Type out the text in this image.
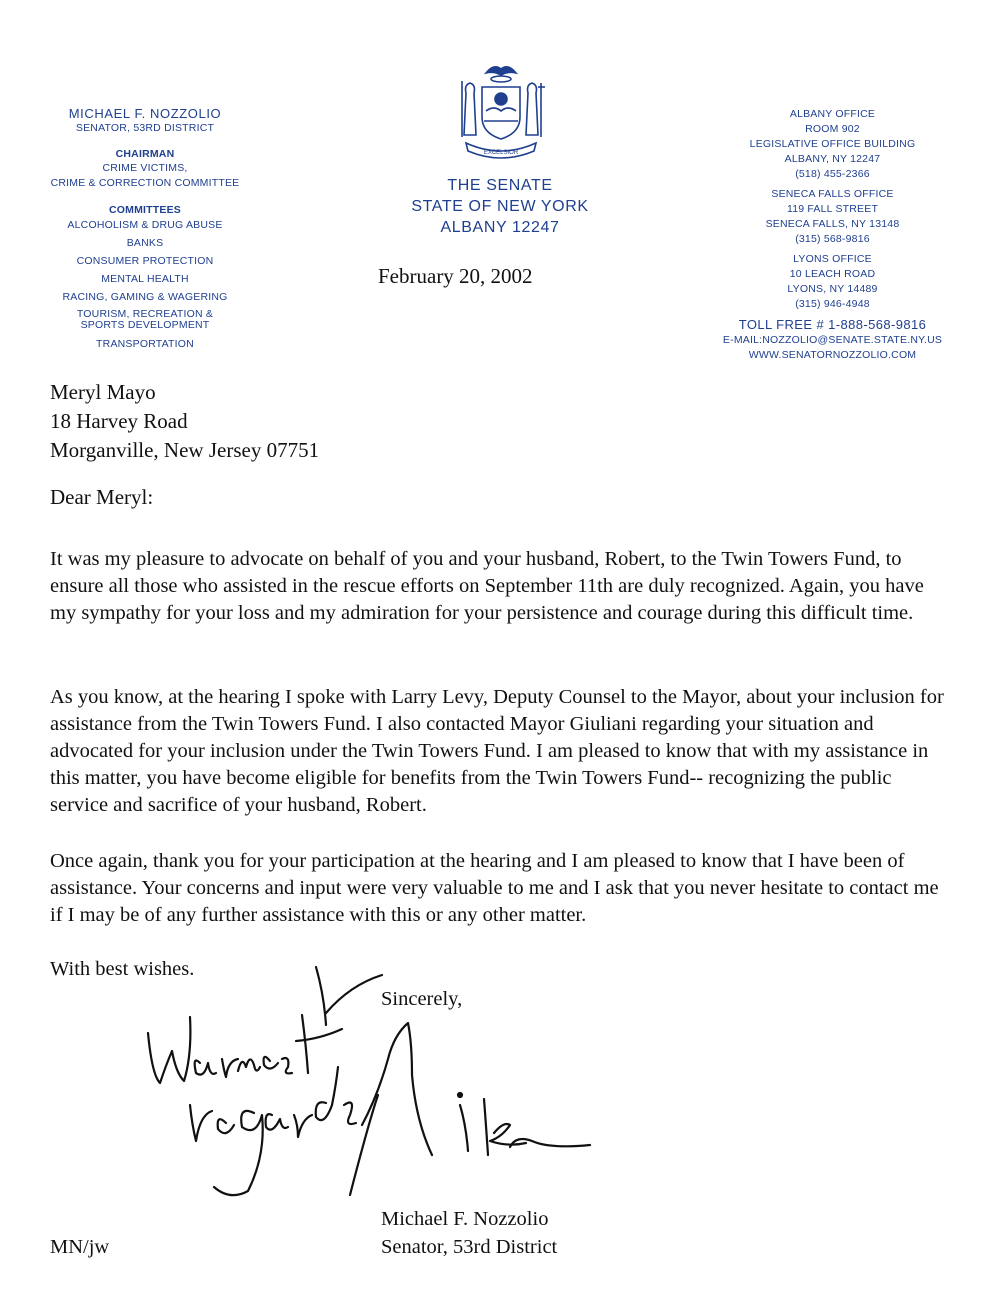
MICHAEL F. NOZZOLIO
SENATOR, 53RD DISTRICT
CHAIRMAN
CRIME VICTIMS,
CRIME & CORRECTION COMMITTEE
COMMITTEES
ALCOHOLISM & DRUG ABUSE
BANKS
CONSUMER PROTECTION
MENTAL HEALTH
RACING, GAMING & WAGERING
TOURISM, RECREATION &
SPORTS DEVELOPMENT
TRANSPORTATION
EXCELSIOR
THE SENATE
STATE OF NEW YORK
ALBANY 12247
February 20, 2002
ALBANY OFFICE
ROOM 902
LEGISLATIVE OFFICE BUILDING
ALBANY, NY 12247
(518) 455-2366
SENECA FALLS OFFICE
119 FALL STREET
SENECA FALLS, NY 13148
(315) 568-9816
LYONS OFFICE
10 LEACH ROAD
LYONS, NY 14489
(315) 946-4948
TOLL FREE # 1-888-568-9816
E-MAIL:NOZZOLIO@SENATE.STATE.NY.US
WWW.SENATORNOZZOLIO.COM
Meryl Mayo
18 Harvey Road
Morganville, New Jersey 07751
Dear Meryl:

It was my pleasure to advocate on behalf of you and your husband, Robert, to the Twin Towers Fund, to ensure all those who assisted in the rescue efforts on September 11th are duly recognized. Again, you have my sympathy for your loss and my admiration for your persistence and courage during this difficult time.

As you know, at the hearing I spoke with Larry Levy, Deputy Counsel to the Mayor, about your inclusion for assistance from the Twin Towers Fund. I also contacted Mayor Giuliani regarding your situation and advocated for your inclusion under the Twin Towers Fund. I am pleased to know that with my assistance in this matter, you have become eligible for benefits from the Twin Towers Fund-- recognizing the public service and sacrifice of your husband, Robert.

Once again, thank you for your participation at the hearing and I am pleased to know that I have been of assistance. Your concerns and input were very valuable to me and I ask that you never hesitate to contact me if I may be of any further assistance with this or any other matter.

With best wishes.
Sincerely,
Michael F. Nozzolio
Senator, 53rd District
MN/jw
